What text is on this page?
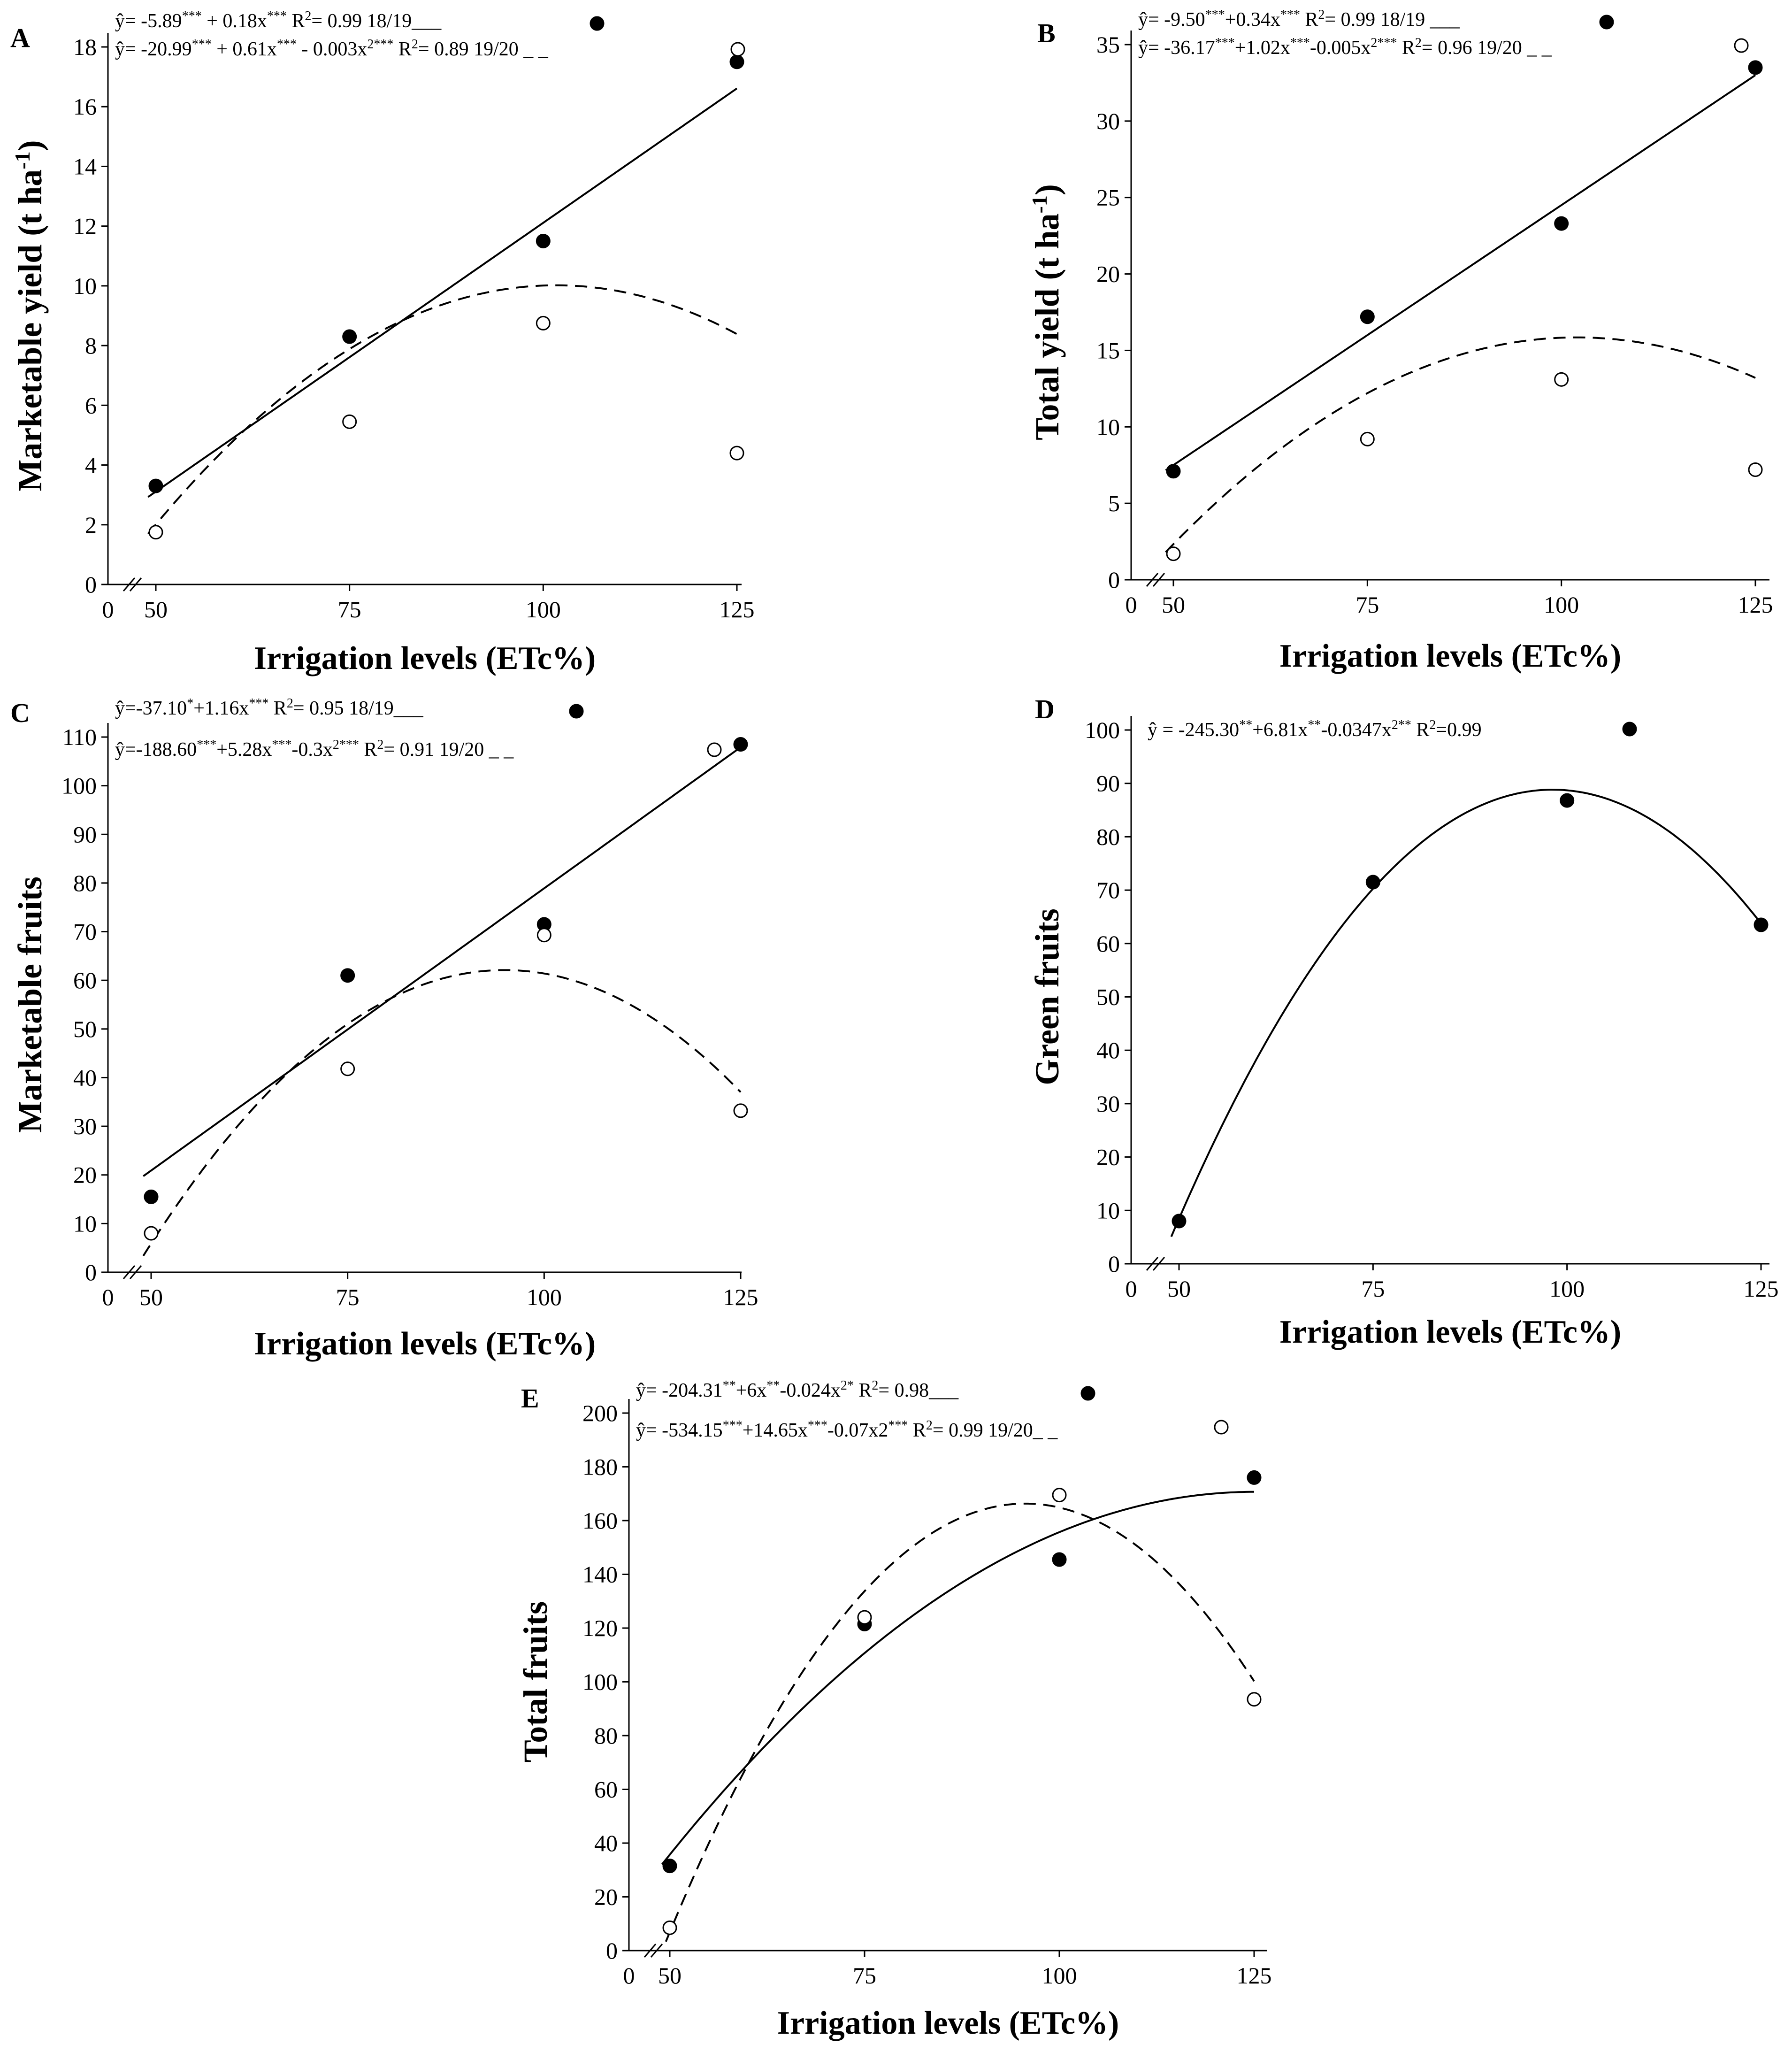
A
0
2
4
6
8
10
12
14
16
18
0 50	75	100	125
Irrigation levels (ETc%)
Marketable yield (t $ha^{-1}$)
ŷ= -5.89*** + 0.18x*** $R^2= 0.99$ 18/19___
ŷ= $-20.99^{***} + 0.61x^{***} - 0.003x^{2***}$ $R^2= 0.89$ 19/20 _ _
B
0
5
10
15
20
25
30
35
0 50	75	100	125
Irrigation levels (ETc%)
Total yield (t $ha^{-1}$)
ŷ= -9.50***+0.34x*** $R^2= 0.99$ 18/19 ___
ŷ= $-36.17^{***}+1.02x^{***}-0.005x^{2***}$ $R^2= 0.96$ 19/20 _ _
C
0
10
20
30
40
50
60
70
80
90
100
110
0 50	75	100	125
Irrigation levels (ETc%)
Marketable fruits
ŷ=-37.10*+1.16x*** $R^2= 0.95$ 18/19___
$ŷ=-188.60^{***}+5.28x^{***}-0.3x^{2***}$ $R^2= 0.91$ 19/20 _ _
D
0
10
20
30
40
50
60
70
80
90
100
0 50	75	100	125
Irrigation levels (ETc%)
Green fruits
ŷ = $-245.30^{**}+6.81x^{**}-0.0347x^{2**}$ $R^2=0.99$
E
0
20
40
60
80
100
120
140
160
180
200
0 50	75	100	125
Irrigation levels (ETc%)
Total fruits
ŷ= $-204.31^{**}+6x^{**}-0.024x^{2*}$ $R^2=$ 0.98___
ŷ= -534.15***+14.65x***-0.07x2*** $R^2= 0.99$ 19/20_ _
